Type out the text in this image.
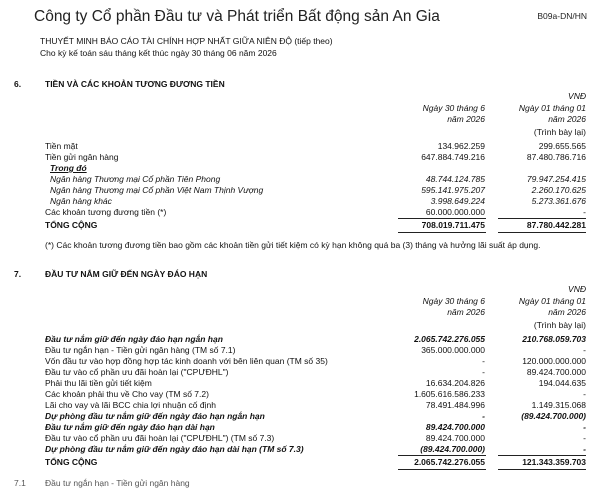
Công ty Cổ phần Đầu tư và Phát triển Bất động sản An Gia	B09a-DN/HN
THUYẾT MINH BÁO CÁO TÀI CHÍNH HỢP NHẤT GIỮA NIÊN ĐỘ (tiếp theo)
Cho kỳ kế toán sáu tháng kết thúc ngày 30 tháng 06 năm 2026
6.	TIỀN VÀ CÁC KHOẢN TƯƠNG ĐƯƠNG TIỀN
VNĐ
Ngày 30 tháng 6
năm 2026
Ngày 01 tháng 01
năm 2026
(Trình bày lại)
Tiền mặt	134.962.259	299.655.565
Tiền gửi ngân hàng	647.884.749.216	87.480.786.716
Trong đó
Ngân hàng Thương mại Cổ phần Tiên Phong	48.744.124.785	79.947.254.415
Ngân hàng Thương mại Cổ phần Việt Nam Thịnh Vượng	595.141.975.207	2.260.170.625
Ngân hàng khác	3.998.649.224	5.273.361.676
Các khoản tương đương tiền (*)	60.000.000.000	-
TỔNG CỘNG	708.019.711.475	87.780.442.281
(*) Các khoản tương đương tiền bao gồm các khoản tiền gửi tiết kiệm có kỳ hạn không quá ba (3) tháng và hưởng lãi suất áp dụng.
7.	ĐẦU TƯ NẮM GIỮ ĐẾN NGÀY ĐÁO HẠN
VNĐ
Ngày 30 tháng 6
năm 2026
Ngày 01 tháng 01
năm 2026
(Trình bày lại)
Đầu tư nắm giữ đến ngày đáo hạn ngắn hạn	2.065.742.276.055	210.768.059.703
Đầu tư ngắn hạn - Tiền gửi ngân hàng (TM số 7.1)	365.000.000.000	-
Vốn đầu tư vào hợp đồng hợp tác kinh doanh với bên liên quan (TM số 35)	-	120.000.000.000
Đầu tư vào cổ phần ưu đãi hoàn lại ("CPƯĐHL")	-	89.424.700.000
Phải thu lãi tiền gửi tiết kiệm	16.634.204.826	194.044.635
Các khoản phải thu về Cho vay (TM số 7.2)	1.605.616.586.233	-
Lãi cho vay và lãi BCC chia lợi nhuận cố định	78.491.484.996	1.149.315.068
Dự phòng đầu tư nắm giữ đến ngày đáo hạn ngắn hạn	-	(89.424.700.000)
Đầu tư nắm giữ đến ngày đáo hạn dài hạn	89.424.700.000	-
Đầu tư vào cổ phần ưu đãi hoàn lại ("CPƯĐHL") (TM số 7.3)	89.424.700.000	-
Dự phòng đầu tư nắm giữ đến ngày đáo hạn dài hạn (TM số 7.3)	(89.424.700.000)	-
TỔNG CỘNG	2.065.742.276.055	121.343.359.703
7.1 Đầu tư ngắn hạn - Tiền gửi ngân hàng
